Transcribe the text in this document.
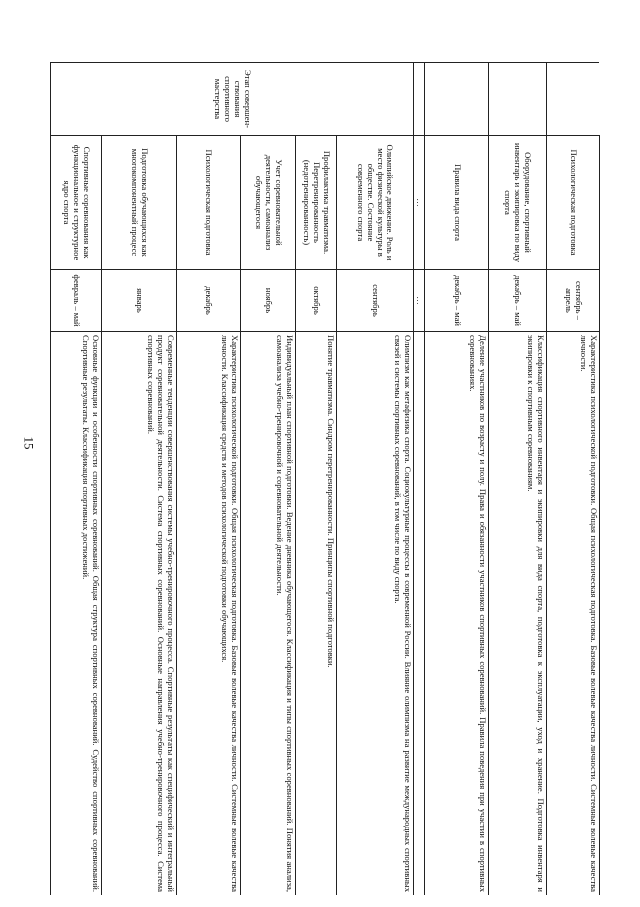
15
	Психологическая подготовка	сентябрь – апрель	Характеристика психологической подготовки. Общая психологическая подготовка. Базовые волевые качества личности. Системные волевые качества личности.
	Оборудование, спортивный инвентарь и экипировка по виду спорта	декабрь – май	Классификация спортивного инвентаря и экипировки для вида спорта, подготовка к эксплуатации, уход и хранение. Подготовка инвентаря и экипировки к спортивным соревнованиям.
	Правила вида спорта	декабрь – май	Деление участников по возрасту и полу. Права и обязанности участников спортивных соревнований. Правила поведения при участии в спортивных соревнованиях.
	…	…	
Этап совершен-ствования спортивного мастерства	Олимпийское движение. Роль и место физической культуры в обществе. Состояние современного спорта	сентябрь	Олимпизм как метафизика спорта. Социокультурные процессы в современной России. Влияние олимпизма на развитие международных спортивных связей и системы спортивных соревнований, в том числе по виду спорта.
	Профилактика травматизма. Перетренированность (недотренированность)	октябрь	Понятие травматизма. Синдром перетренированности. Принципы спортивной подготовки.
	Учет соревновательной деятельности, самоанализ обучающегося	ноябрь	Индивидуальный план спортивной подготовки. Ведение дневника обучающегося. Классификация и типы спортивных соревнований. Понятия анализа, самоанализа учебно-тренировочной и соревновательной деятельности.
	Психологическая подготовка	декабрь	Характеристика психологической подготовки. Общая психологическая подготовка. Базовые волевые качества личности. Системные волевые качества личности. Классификация средств и методов психологической подготовки обучающихся.
	Подготовка обучающихся как многокомпонентный процесс	январь	Современные тенденции совершенствования системы учебно-тренировочного процесса. Спортивные результаты как специфический и интегральный продукт соревновательной деятельности. Система спортивных соревнований. Основные направления учебно-тренировочного процесса. Система спортивных соревнований.
	Спортивные соревнования как функциональное и структурное ядро спорта	февраль – май	Основные функции и особенности спортивных соревнований. Общая структура спортивных соревнований. Судейство спортивных соревнований. Спортивные результаты. Классификация спортивных достижений.
